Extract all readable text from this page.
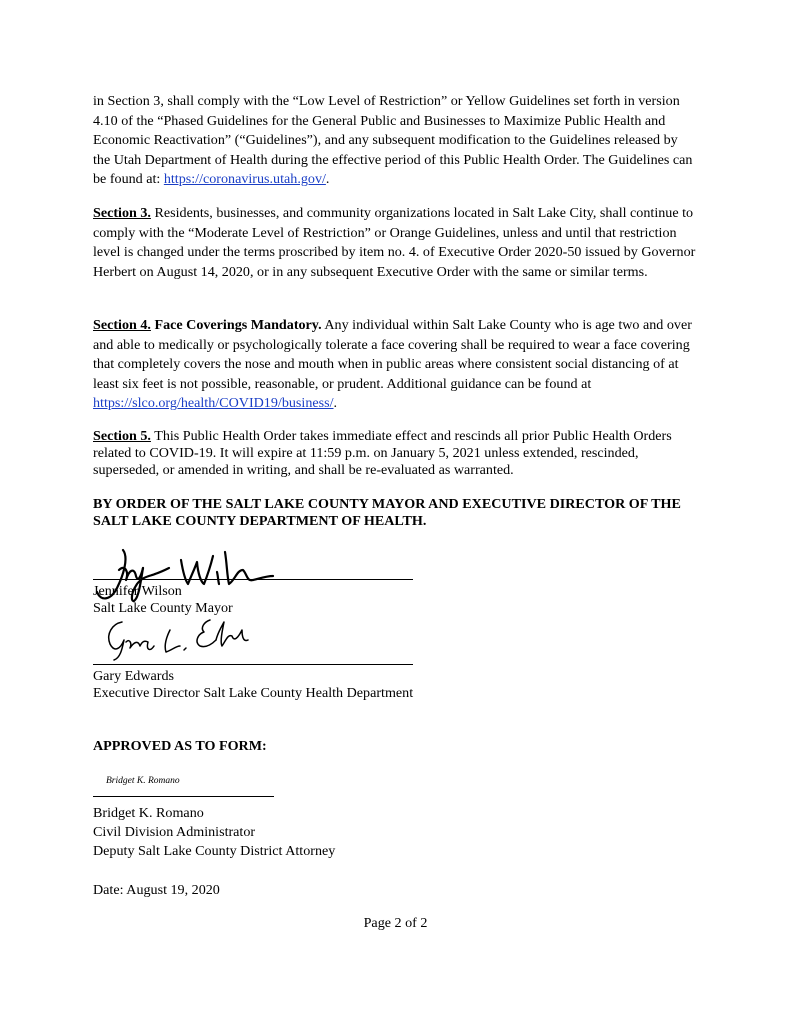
in Section 3, shall comply with the “Low Level of Restriction” or Yellow Guidelines set forth in version 4.10 of the “Phased Guidelines for the General Public and Businesses to Maximize Public Health and Economic Reactivation” (“Guidelines”), and any subsequent modification to the Guidelines released by the Utah Department of Health during the effective period of this Public Health Order. The Guidelines can be found at: https://coronavirus.utah.gov/.

Section 3. Residents, businesses, and community organizations located in Salt Lake City, shall continue to comply with the “Moderate Level of Restriction” or Orange Guidelines, unless and until that restriction level is changed under the terms proscribed by item no. 4. of Executive Order 2020-50 issued by Governor Herbert on August 14, 2020, or in any subsequent Executive Order with the same or similar terms.

Section 4. Face Coverings Mandatory. Any individual within Salt Lake County who is age two and over and able to medically or psychologically tolerate a face covering shall be required to wear a face covering that completely covers the nose and mouth when in public areas where consistent social distancing of at least six feet is not possible, reasonable, or prudent. Additional guidance can be found at https://slco.org/health/COVID19/business/.

Section 5. This Public Health Order takes immediate effect and rescinds all prior Public Health Orders related to COVID-19. It will expire at 11:59 p.m. on January 5, 2021 unless extended, rescinded, superseded, or amended in writing, and shall be re-evaluated as warranted.

BY ORDER OF THE SALT LAKE COUNTY MAYOR AND EXECUTIVE DIRECTOR OF THE SALT LAKE COUNTY DEPARTMENT OF HEALTH.

Jennifer Wilson
Salt Lake County Mayor
Gary Edwards
Executive Director Salt Lake County Health Department
APPROVED AS TO FORM:
Bridget K. Romano
Bridget K. Romano
Civil Division Administrator
Deputy Salt Lake County District Attorney
Date: August 19, 2020
Page 2 of 2
